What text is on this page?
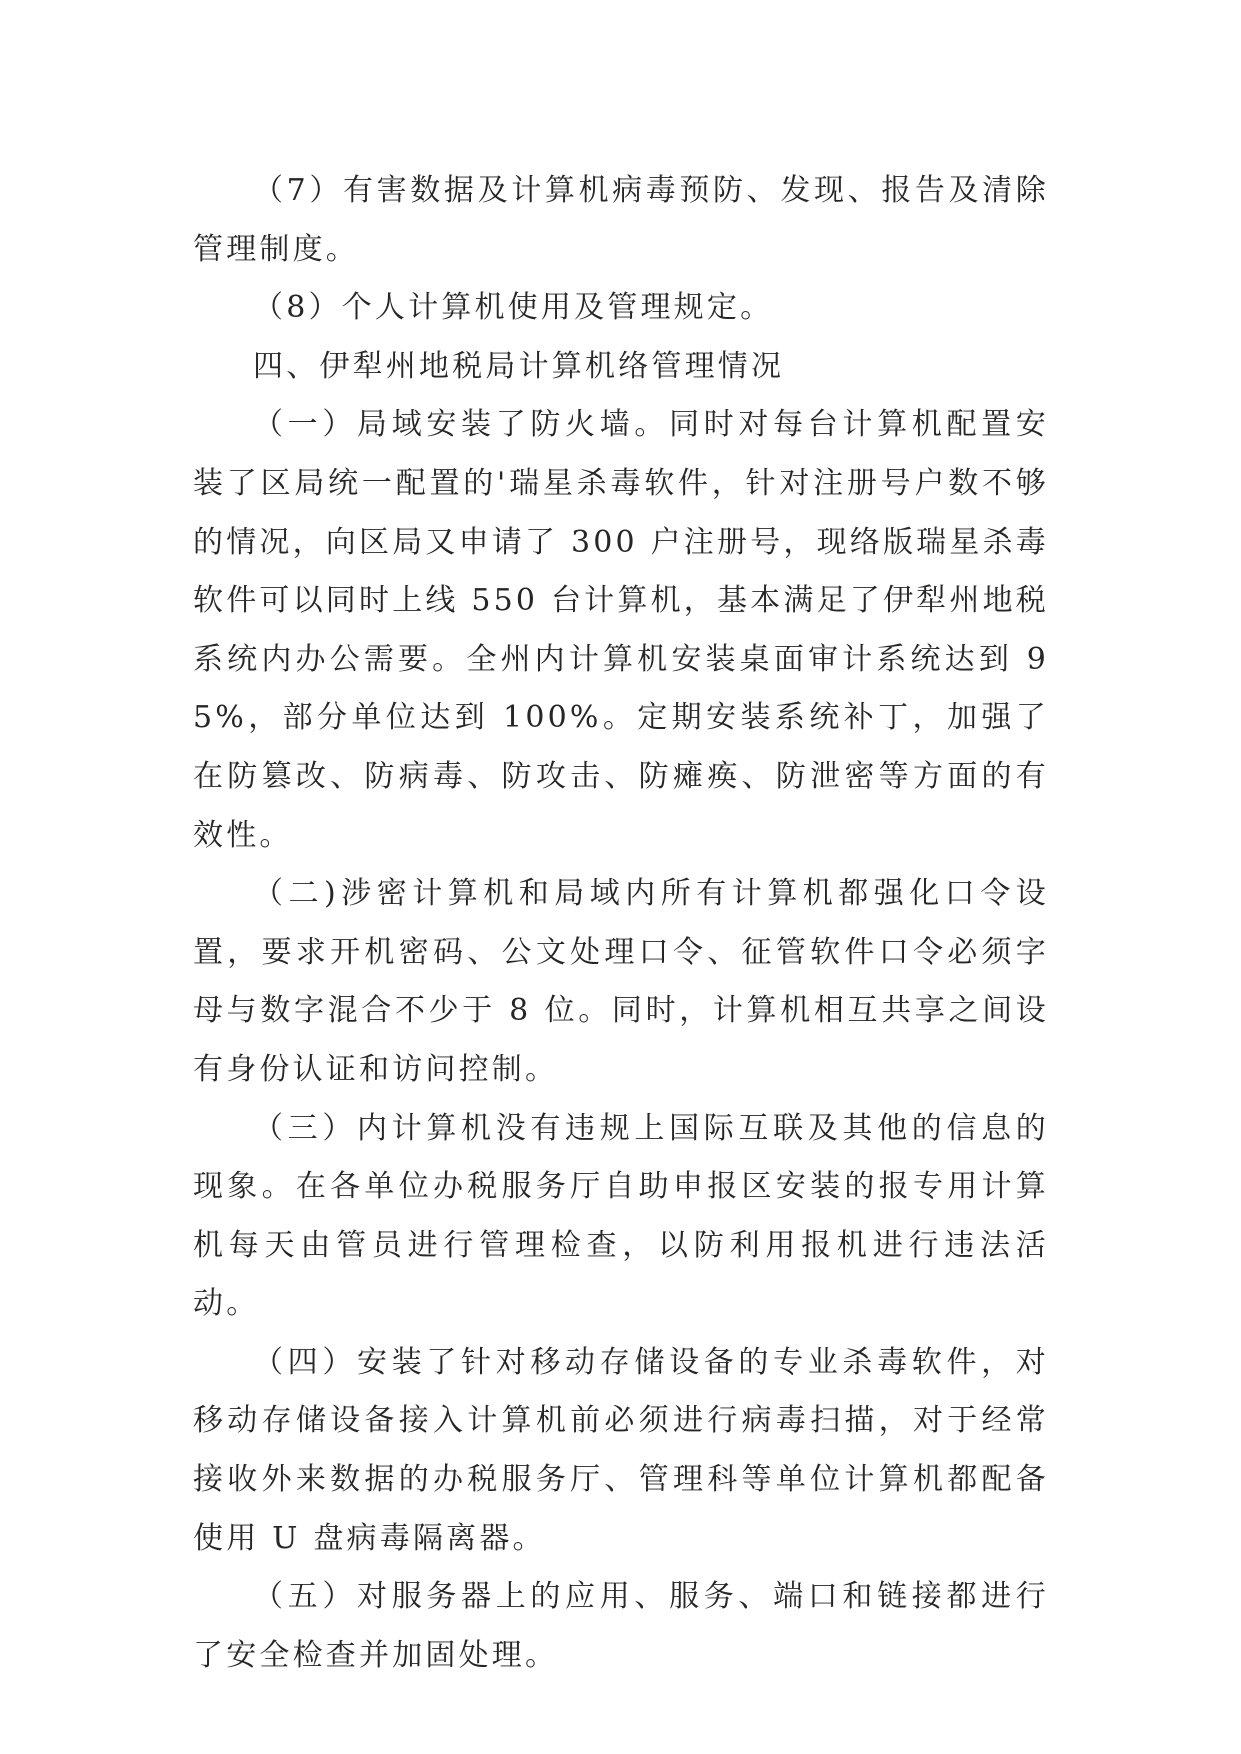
（7）有害数据及计算机病毒预防、发现、报告及清除管理制度。

（8）个人计算机使用及管理规定。

四、伊犁州地税局计算机络管理情况

（一）局域安装了防火墙。同时对每台计算机配置安装了区局统一配置的'瑞星杀毒软件，针对注册号户数不够的情况，向区局又申请了 300 户注册号，现络版瑞星杀毒软件可以同时上线 550 台计算机，基本满足了伊犁州地税系统内办公需要。全州内计算机安装桌面审计系统达到 95%，部分单位达到 100%。定期安装系统补丁，加强了在防篡改、防病毒、防攻击、防瘫痪、防泄密等方面的有效性。

（二)涉密计算机和局域内所有计算机都强化口令设置，要求开机密码、公文处理口令、征管软件口令必须字母与数字混合不少于 8 位。同时，计算机相互共享之间设有身份认证和访问控制。

（三）内计算机没有违规上国际互联及其他的信息的现象。在各单位办税服务厅自助申报区安装的报专用计算机每天由管员进行管理检查，以防利用报机进行违法活动。

（四）安装了针对移动存储设备的专业杀毒软件，对移动存储设备接入计算机前必须进行病毒扫描，对于经常接收外来数据的办税服务厅、管理科等单位计算机都配备使用 U 盘病毒隔离器。

（五）对服务器上的应用、服务、端口和链接都进行了安全检查并加固处理。
